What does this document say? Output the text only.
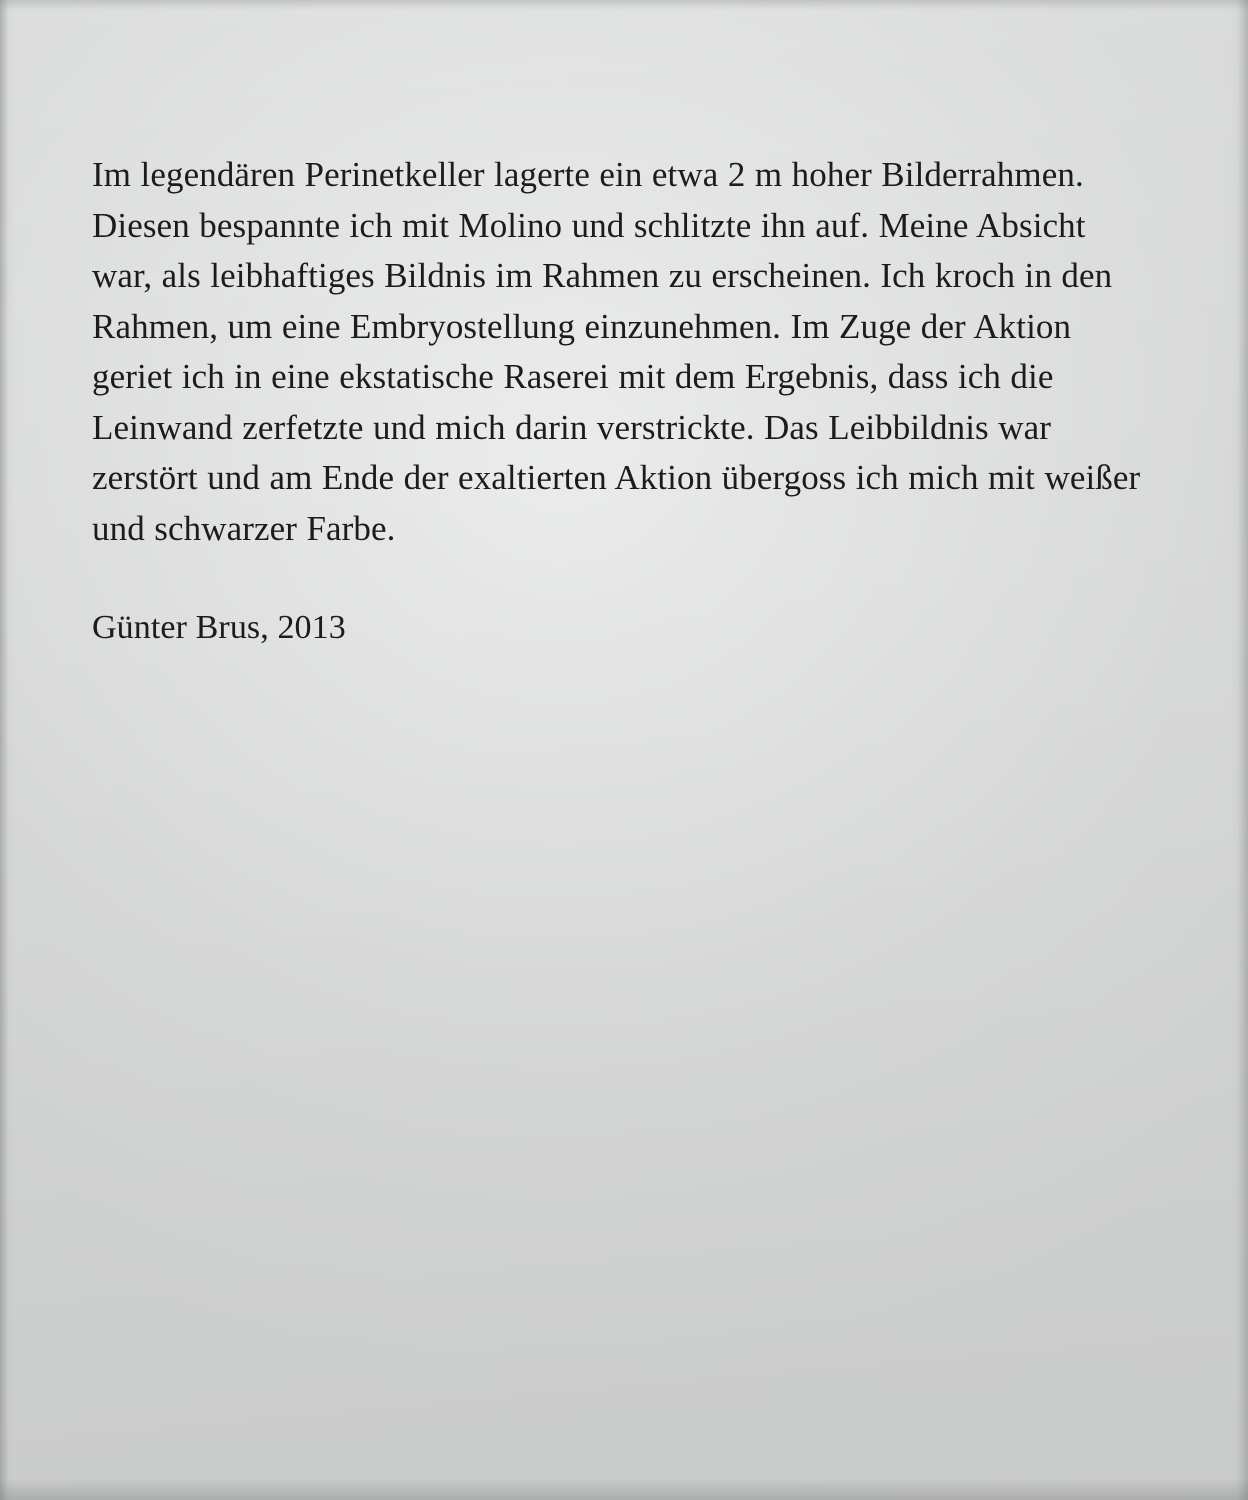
Im legendären Perinetkeller lagerte ein etwa 2 m hoher Bilderrahmen. Diesen bespannte ich mit Molino und schlitzte ihn auf. Meine Absicht war, als leibhaftiges Bildnis im Rahmen zu erscheinen. Ich kroch in den Rahmen, um eine Embryostellung einzunehmen. Im Zuge der Aktion geriet ich in eine ekstatische Raserei mit dem Ergebnis, dass ich die Leinwand zerfetzte und mich darin verstrickte. Das Leibbildnis war zerstört und am Ende der exaltierten Aktion übergoss ich mich mit weißer und schwarzer Farbe.

Günter Brus, 2013
